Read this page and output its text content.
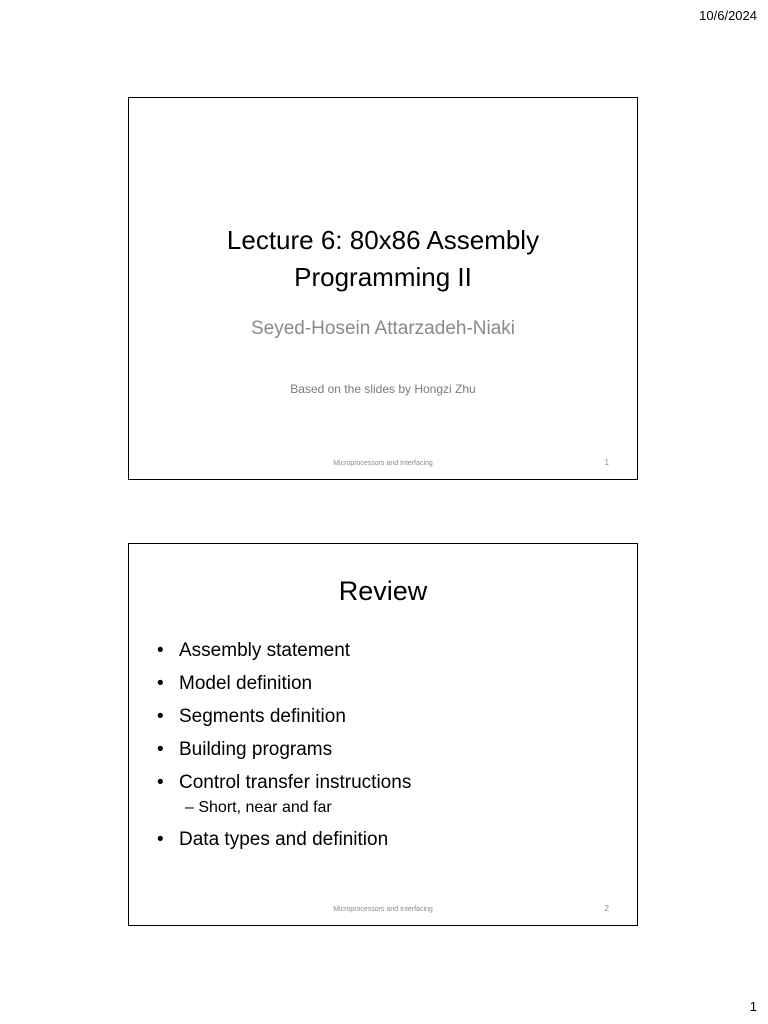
10/6/2024
Lecture 6: 80x86 Assembly
Programming II
Seyed-Hosein Attarzadeh-Niaki
Based on the slides by Hongzi Zhu
Microprocessors and Interfacing	1
Review
• Assembly statement
• Model definition
• Segments definition
• Building programs
• Control transfer instructions
– Short, near and far
• Data types and definition
Microprocessors and Interfacing	2
1
